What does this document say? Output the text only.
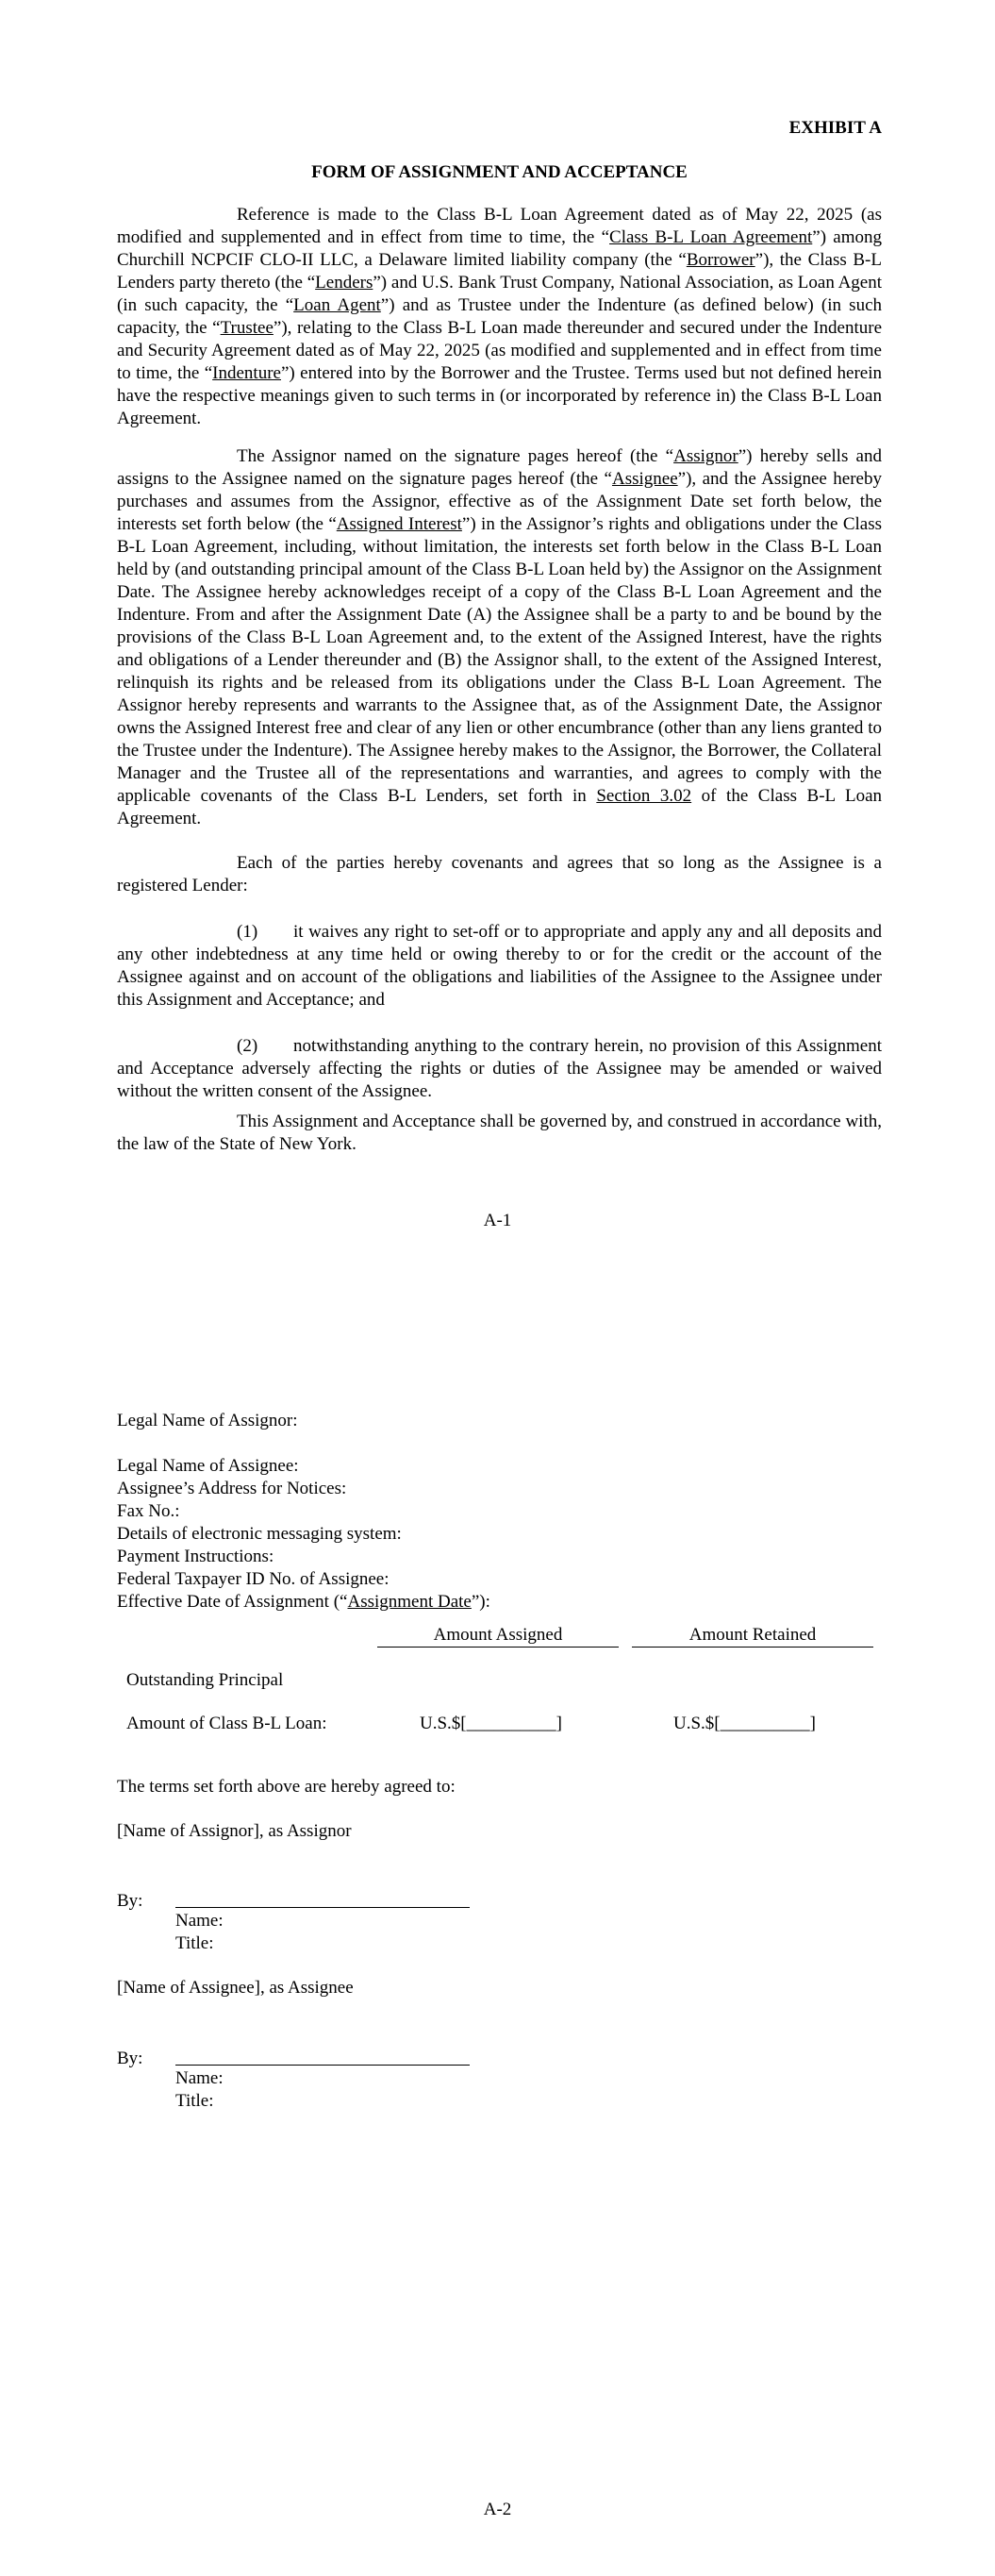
EXHIBIT A
FORM OF ASSIGNMENT AND ACCEPTANCE
Reference is made to the Class B-L Loan Agreement dated as of May 22, 2025 (as modified and supplemented and in effect from time to time, the “Class B-L Loan Agreement”) among Churchill NCPCIF CLO-II LLC, a Delaware limited liability company (the “Borrower”), the Class B-L Lenders party thereto (the “Lenders”) and U.S. Bank Trust Company, National Association, as Loan Agent (in such capacity, the “Loan Agent”) and as Trustee under the Indenture (as defined below) (in such capacity, the “Trustee”), relating to the Class B-L Loan made thereunder and secured under the Indenture and Security Agreement dated as of May 22, 2025 (as modified and supplemented and in effect from time to time, the “Indenture”) entered into by the Borrower and the Trustee. Terms used but not defined herein have the respective meanings given to such terms in (or incorporated by reference in) the Class B-L Loan Agreement.
The Assignor named on the signature pages hereof (the “Assignor”) hereby sells and assigns to the Assignee named on the signature pages hereof (the “Assignee”), and the Assignee hereby purchases and assumes from the Assignor, effective as of the Assignment Date set forth below, the interests set forth below (the “Assigned Interest”) in the Assignor’s rights and obligations under the Class B-L Loan Agreement, including, without limitation, the interests set forth below in the Class B-L Loan held by (and outstanding principal amount of the Class B-L Loan held by) the Assignor on the Assignment Date. The Assignee hereby acknowledges receipt of a copy of the Class B-L Loan Agreement and the Indenture. From and after the Assignment Date (A) the Assignee shall be a party to and be bound by the provisions of the Class B-L Loan Agreement and, to the extent of the Assigned Interest, have the rights and obligations of a Lender thereunder and (B) the Assignor shall, to the extent of the Assigned Interest, relinquish its rights and be released from its obligations under the Class B-L Loan Agreement. The Assignor hereby represents and warrants to the Assignee that, as of the Assignment Date, the Assignor owns the Assigned Interest free and clear of any lien or other encumbrance (other than any liens granted to the Trustee under the Indenture). The Assignee hereby makes to the Assignor, the Borrower, the Collateral Manager and the Trustee all of the representations and warranties, and agrees to comply with the applicable covenants of the Class B-L Lenders, set forth in Section 3.02 of the Class B-L Loan Agreement.
Each of the parties hereby covenants and agrees that so long as the Assignee is a registered Lender:
(1) it waives any right to set-off or to appropriate and apply any and all deposits and any other indebtedness at any time held or owing thereby to or for the credit or the account of the Assignee against and on account of the obligations and liabilities of the Assignee to the Assignee under this Assignment and Acceptance; and
(2) notwithstanding anything to the contrary herein, no provision of this Assignment and Acceptance adversely affecting the rights or duties of the Assignee may be amended or waived without the written consent of the Assignee.
This Assignment and Acceptance shall be governed by, and construed in accordance with, the law of the State of New York.
A-1
Legal Name of Assignor:
Legal Name of Assignee:
Assignee’s Address for Notices:
Fax No.:
Details of electronic messaging system:
Payment Instructions:
Federal Taxpayer ID No. of Assignee:
Effective Date of Assignment (“Assignment Date”):
Amount Assigned	Amount Retained
Outstanding Principal
Amount of Class B-L Loan:	U.S.$[__________]	U.S.$[__________]
The terms set forth above are hereby agreed to:
[Name of Assignor], as Assignor
By:
Name:
Title:
[Name of Assignee], as Assignee
By:
Name:
Title:
A-2
